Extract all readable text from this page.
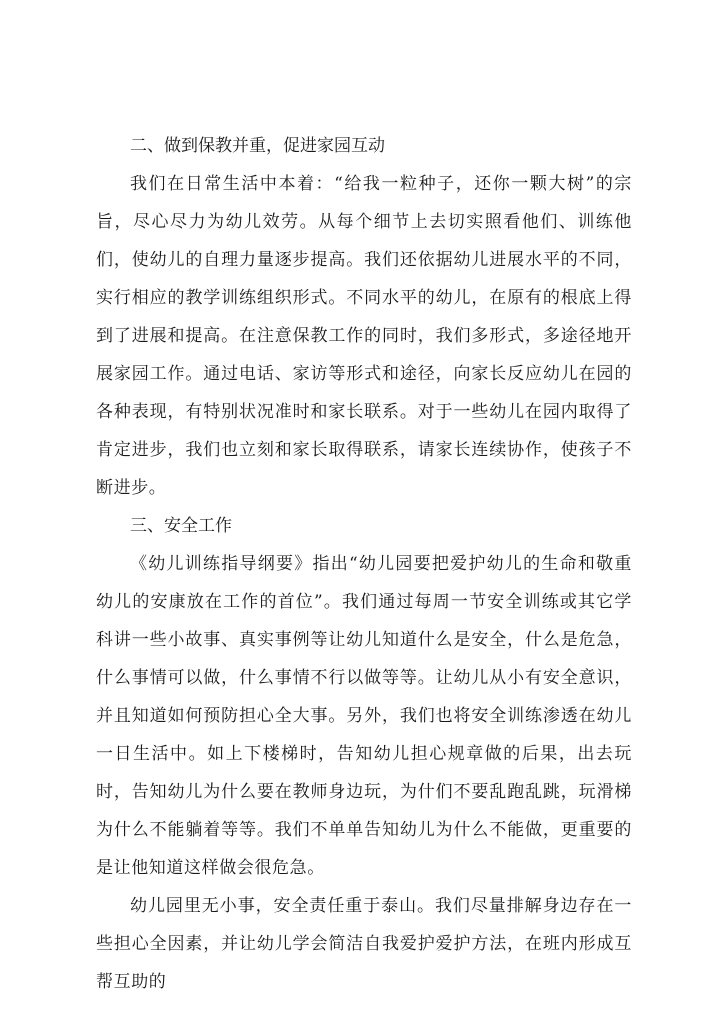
二、做到保教并重，促进家园互动

我们在日常生活中本着：“给我一粒种子，还你一颗大树”的宗旨，尽心尽力为幼儿效劳。从每个细节上去切实照看他们、训练他们，使幼儿的自理力量逐步提高。我们还依据幼儿进展水平的不同，实行相应的教学训练组织形式。不同水平的幼儿，在原有的根底上得到了进展和提高。在注意保教工作的同时，我们多形式，多途径地开展家园工作。通过电话、家访等形式和途径，向家长反应幼儿在园的各种表现，有特别状况准时和家长联系。对于一些幼儿在园内取得了肯定进步，我们也立刻和家长取得联系，请家长连续协作，使孩子不断进步。

三、安全工作

《幼儿训练指导纲要》指出“幼儿园要把爱护幼儿的生命和敬重幼儿的安康放在工作的首位”。我们通过每周一节安全训练或其它学科讲一些小故事、真实事例等让幼儿知道什么是安全，什么是危急，什么事情可以做，什么事情不行以做等等。让幼儿从小有安全意识，并且知道如何预防担心全大事。另外，我们也将安全训练渗透在幼儿一日生活中。如上下楼梯时，告知幼儿担心规章做的后果，出去玩时，告知幼儿为什么要在教师身边玩，为什们不要乱跑乱跳，玩滑梯为什么不能躺着等等。我们不单单告知幼儿为什么不能做，更重要的是让他知道这样做会很危急。

幼儿园里无小事，安全责任重于泰山。我们尽量排解身边存在一些担心全因素，并让幼儿学会简洁自我爱护爱护方法，在班内形成互帮互助的
